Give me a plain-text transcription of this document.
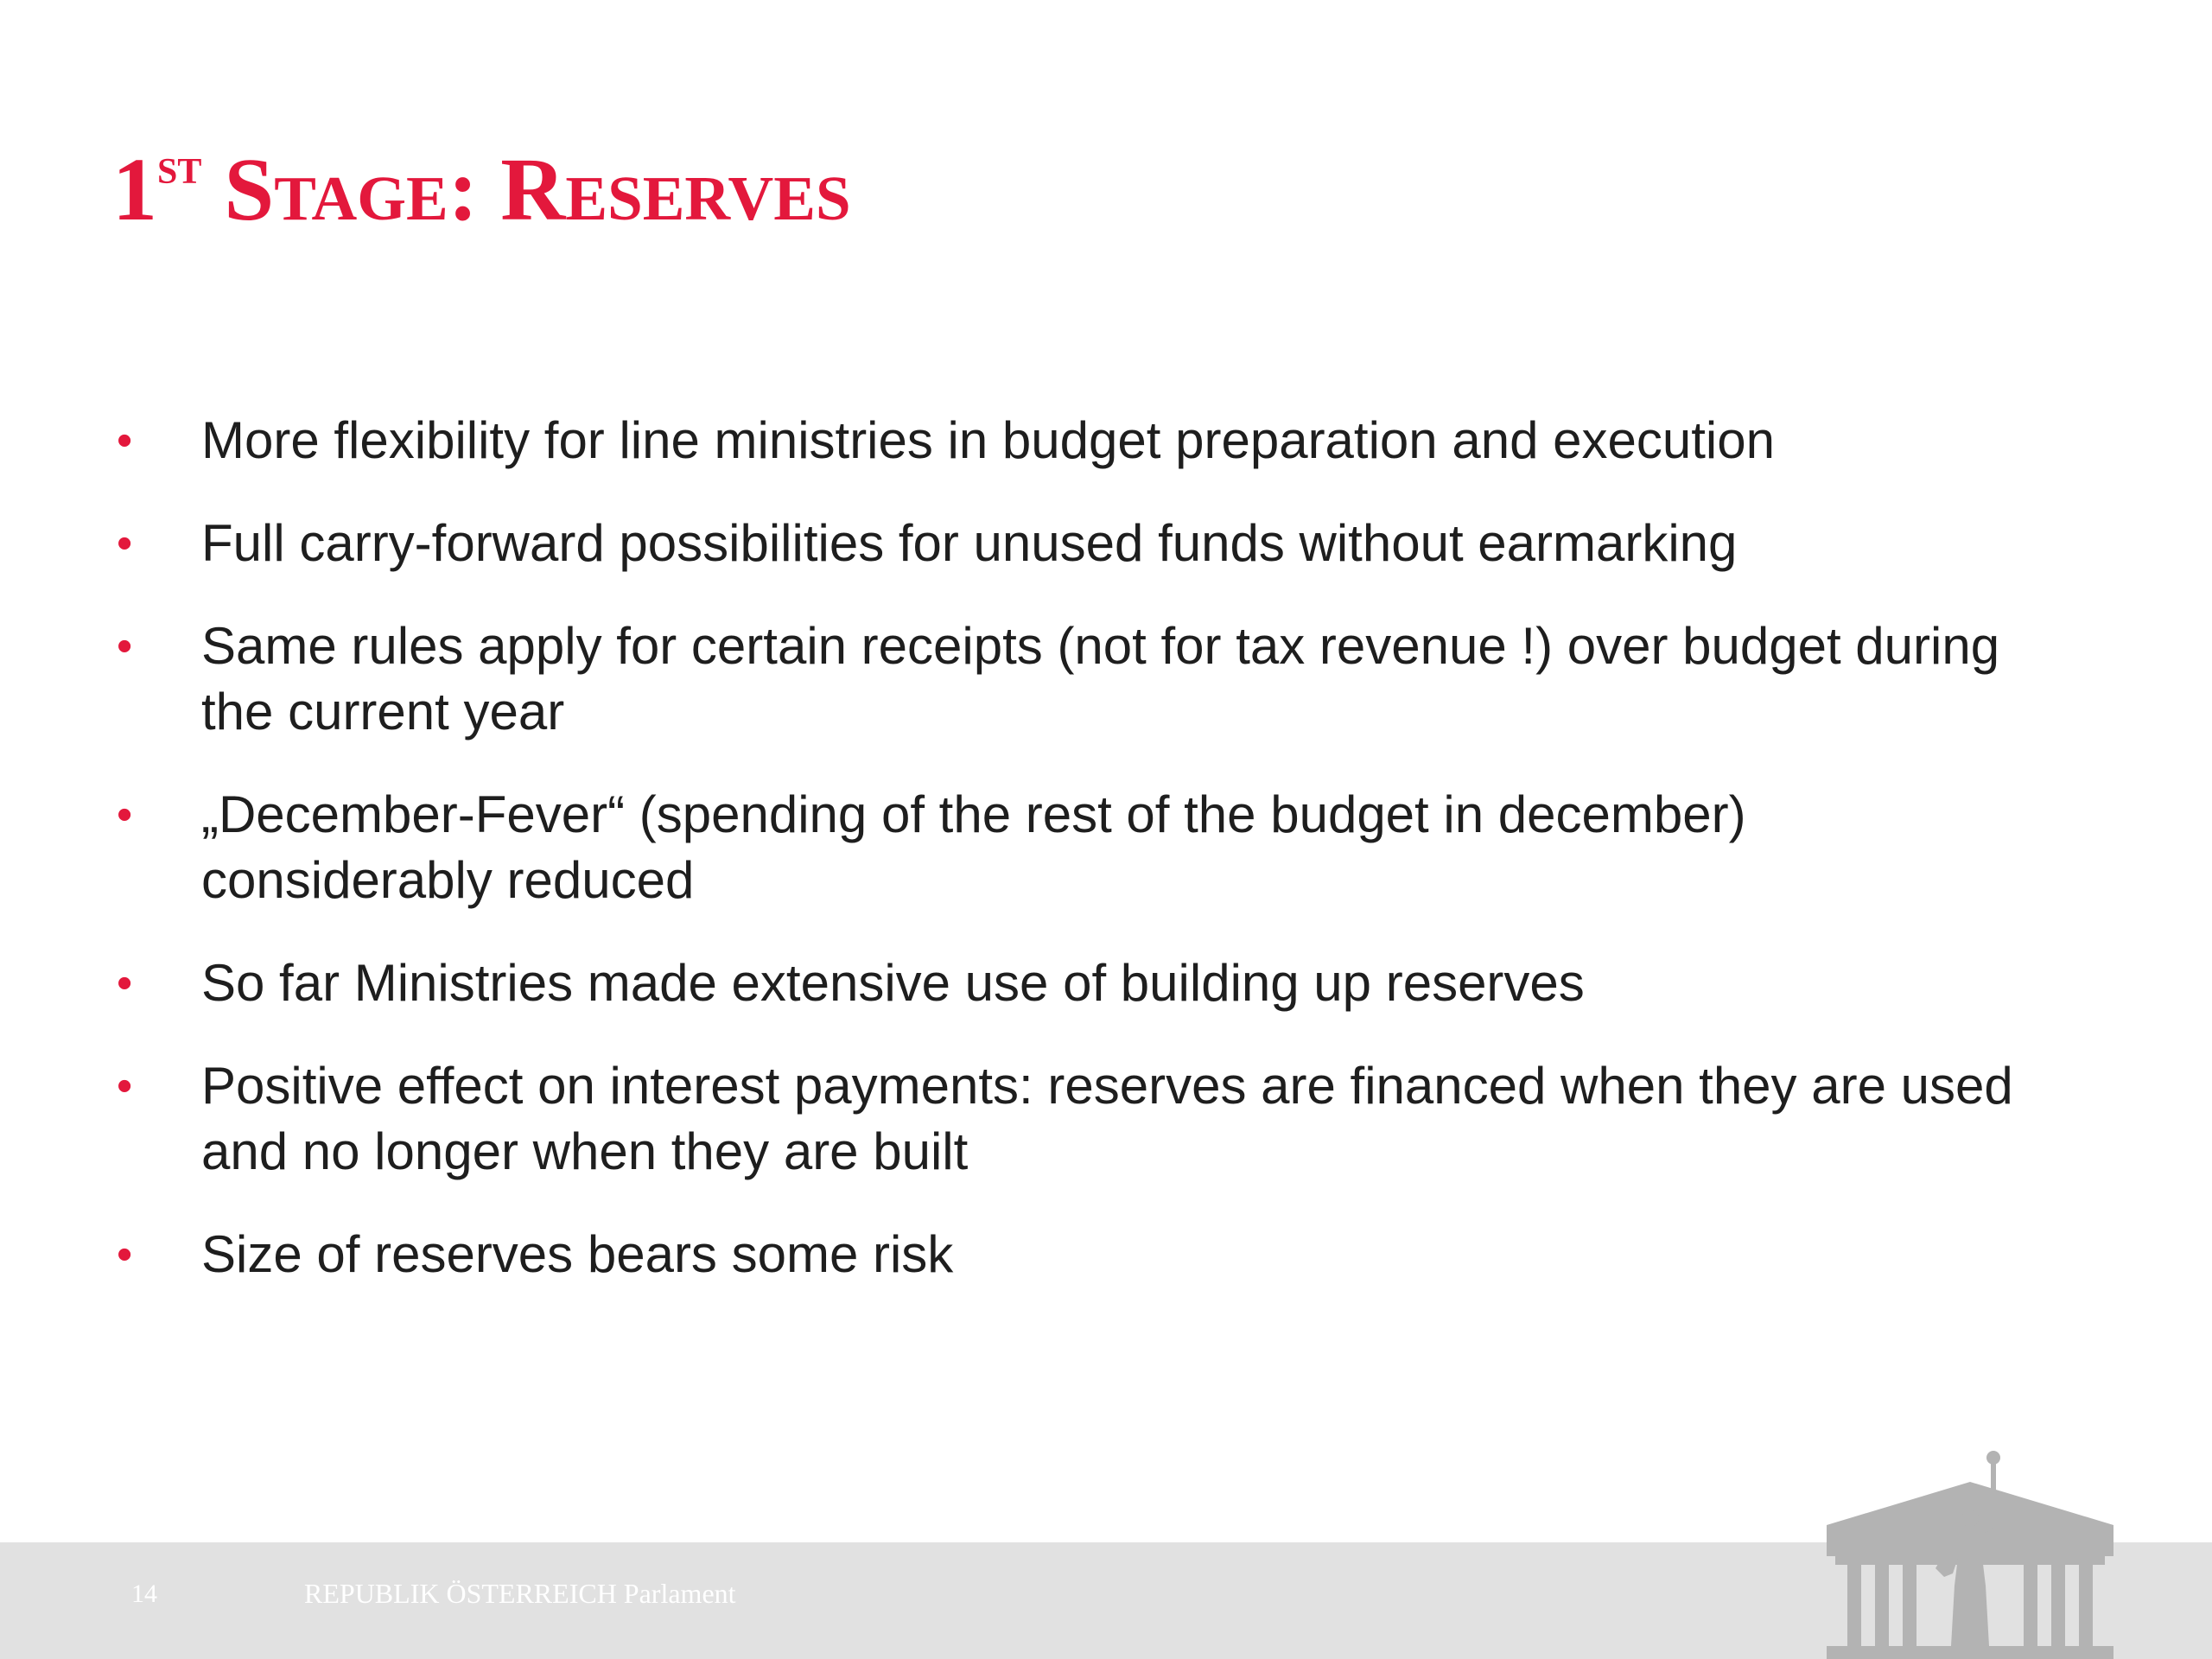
1st Stage: Reserves
• More flexibility for line ministries in budget preparation and execution
• Full carry-forward possibilities for unused funds without earmarking
• Same rules apply for certain receipts (not for tax revenue !) over budget during the current year
• „December-Fever“ (spending of the rest of the budget in december) considerably reduced
• So far Ministries made extensive use of building up reserves
• Positive effect on interest payments: reserves are financed when they are used and no longer when they are built
• Size of reserves bears some risk
14	REPUBLIK ÖSTERREICH Parlament
